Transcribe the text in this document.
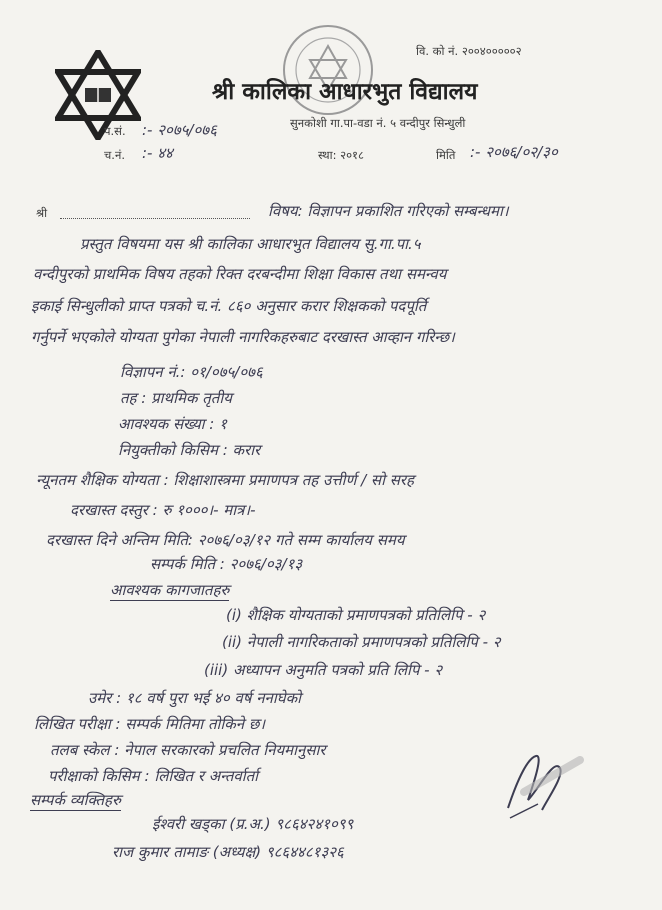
वि. को नं. २००४०००००२
श्री कालिका आधारभुत विद्यालय
सुनकोशी गा.पा-वडा नं. ५ वन्दीपुर सिन्धुली
प.सं. :- २०७५/०७६
च.नं. :- ४४	स्था: २०१८	मिति :- २०७६/०२/३०
श्री	विषय: विज्ञापन प्रकाशित गरिएको सम्बन्धमा।
प्रस्तुत विषयमा यस श्री कालिका आधारभुत विद्यालय सु.गा.पा.५
वन्दीपुरको प्राथमिक विषय तहको रिक्त दरबन्दीमा शिक्षा विकास तथा समन्वय
इकाई सिन्धुलीको प्राप्त पत्रको च.नं. ८६० अनुसार करार शिक्षकको पदपूर्ति
गर्नुपर्ने भएकोले योग्यता पुगेका नेपाली नागरिकहरुबाट दरखास्त आव्हान गरिन्छ।
विज्ञापन नं.: ०१/०७५/०७६
तह : प्राथमिक तृतीय
आवश्यक संख्या : १
नियुक्तीको किसिम : करार
न्यूनतम शैक्षिक योग्यता : शिक्षाशास्त्रमा प्रमाणपत्र तह उत्तीर्ण / सो सरह
दरखास्त दस्तुर : रु १०००।- मात्र।-
दरखास्त दिने अन्तिम मिति: २०७६/०३/१२ गते सम्म कार्यालय समय
सम्पर्क मिति : २०७६/०३/१३
आवश्यक कागजातहरु
(i) शैक्षिक योग्यताको प्रमाणपत्रको प्रतिलिपि - २
(ii) नेपाली नागरिकताको प्रमाणपत्रको प्रतिलिपि - २
(iii) अध्यापन अनुमति पत्रको प्रति लिपि - २
उमेर : १८ वर्ष पुरा भई ४० वर्ष ननाघेको
लिखित परीक्षा : सम्पर्क मितिमा तोकिने छ।
तलब स्केल : नेपाल सरकारको प्रचलित नियमानुसार
परीक्षाको किसिम : लिखित र अन्तर्वार्ता
सम्पर्क व्यक्तिहरु
ईश्वरी खड्का (प्र.अ.) ९८६४२४१०९९
राज कुमार तामाङ (अध्यक्ष) ९८६४४८१३२६
